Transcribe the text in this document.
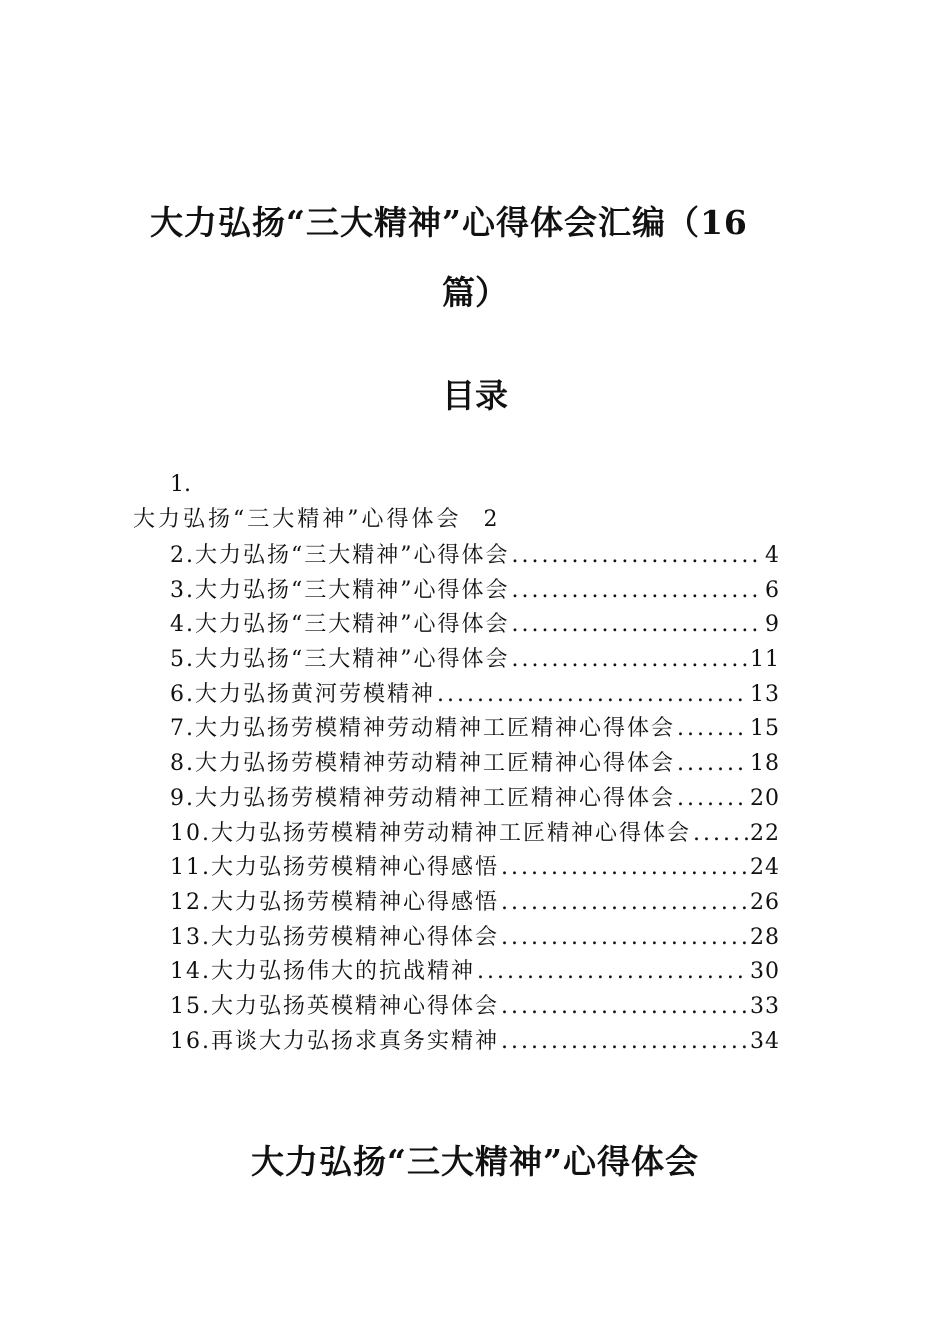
大力弘扬“三大精神”心得体会汇编（16
篇）
目录
1.
大力弘扬“三大精神”心得体会 2
2. 大力弘扬“三大精神”心得体会 .....	4
3. 大力弘扬“三大精神”心得体会 .....	6
4. 大力弘扬“三大精神”心得体会 .....	9
5. 大力弘扬“三大精神”心得体会 .....	11
6. 大力弘扬黄河劳模精神 .....	13
7. 大力弘扬劳模精神劳动精神工匠精神心得体会 .....	15
8. 大力弘扬劳模精神劳动精神工匠精神心得体会 .....	18
9. 大力弘扬劳模精神劳动精神工匠精神心得体会 .....	20
10. 大力弘扬劳模精神劳动精神工匠精神心得体会 .....	22
11. 大力弘扬劳模精神心得感悟 .....	24
12. 大力弘扬劳模精神心得感悟 .....	26
13. 大力弘扬劳模精神心得体会 .....	28
14. 大力弘扬伟大的抗战精神 .....	30
15. 大力弘扬英模精神心得体会 .....	33
16. 再谈大力弘扬求真务实精神 .....	34
大力弘扬“三大精神”心得体会
